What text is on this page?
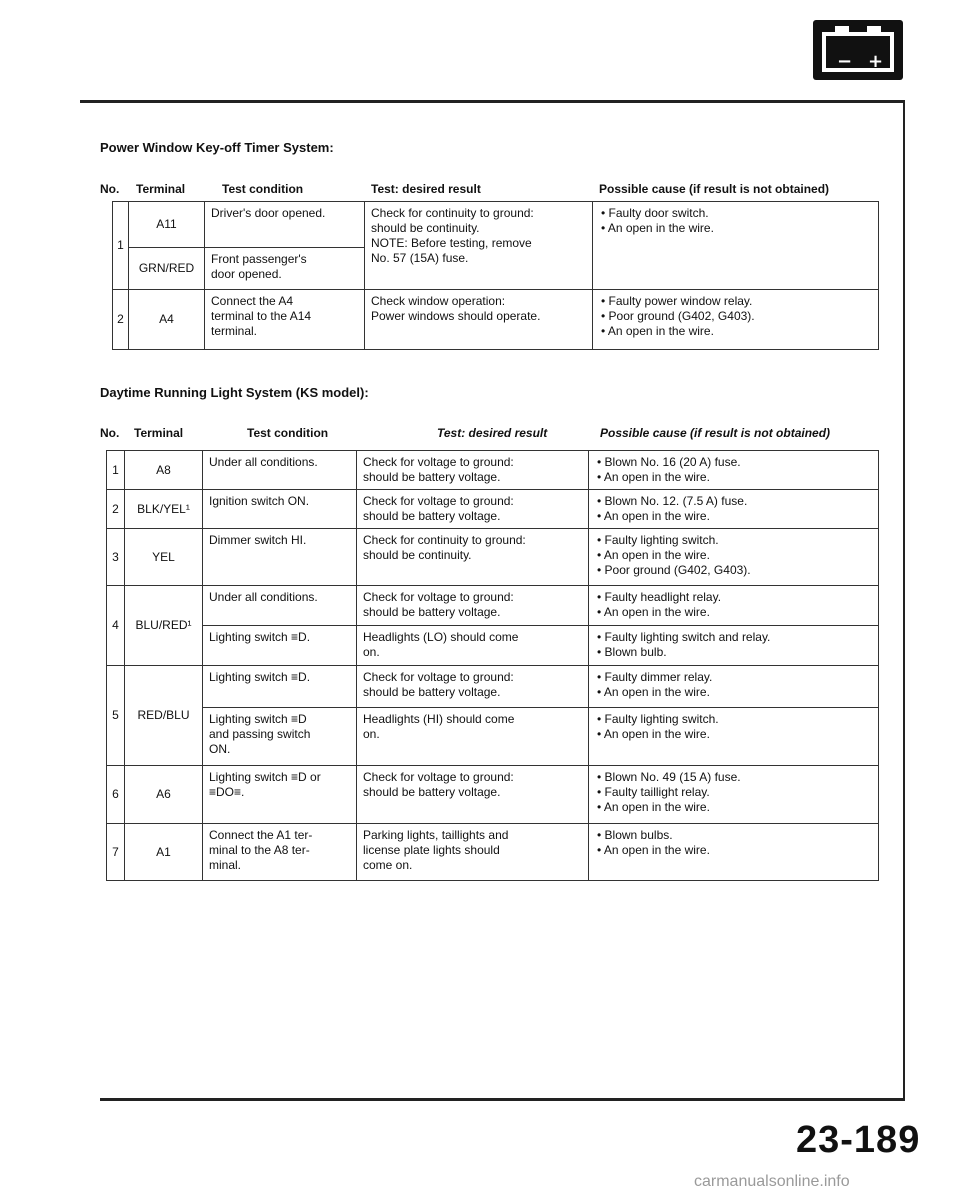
− +
Power Window Key-off Timer System:
No. Terminal	Test condition	Test: desired result	Possible cause (if result is not obtained)
1	A11	Driver's door opened.	Check for continuity to ground:
should be continuity.
NOTE: Before testing, remove
No. 57 (15A) fuse.	• Faulty door switch.
• An open in the wire.
	GRN/RED	Front passenger's
door opened.		
2	A4	Connect the A4
terminal to the A14
terminal.	Check window operation:
Power windows should operate.	• Faulty power window relay.
• Poor ground (G402, G403).
• An open in the wire.
Daytime Running Light System (KS model):
No. Terminal	Test condition	Test: desired result	Possible cause (if result is not obtained)
1	A8	Under all conditions.	Check for voltage to ground:
should be battery voltage.	• Blown No. 16 (20 A) fuse.
• An open in the wire.
2	BLK/YEL¹	Ignition switch ON.	Check for voltage to ground:
should be battery voltage.	• Blown No. 12. (7.5 A) fuse.
• An open in the wire.
3	YEL	Dimmer switch HI.	Check for continuity to ground:
should be continuity.	• Faulty lighting switch.
• An open in the wire.
• Poor ground (G402, G403).
4	BLU/RED¹	Under all conditions.	Check for voltage to ground:
should be battery voltage.	• Faulty headlight relay.
• An open in the wire.
		Lighting switch ≡D.	Headlights (LO) should come
on.	• Faulty lighting switch and relay.
• Blown bulb.
5	RED/BLU	Lighting switch ≡D.	Check for voltage to ground:
should be battery voltage.	• Faulty dimmer relay.
• An open in the wire.
		Lighting switch ≡D
and passing switch
ON.	Headlights (HI) should come
on.	• Faulty lighting switch.
• An open in the wire.
6	A6	Lighting switch ≡D or
≡DO≡.	Check for voltage to ground:
should be battery voltage.	• Blown No. 49 (15 A) fuse.
• Faulty taillight relay.
• An open in the wire.
7	A1	Connect the A1 ter-
minal to the A8 ter-
minal.	Parking lights, taillights and
license plate lights should
come on.	• Blown bulbs.
• An open in the wire.
23-189
carmanualsonline.info
